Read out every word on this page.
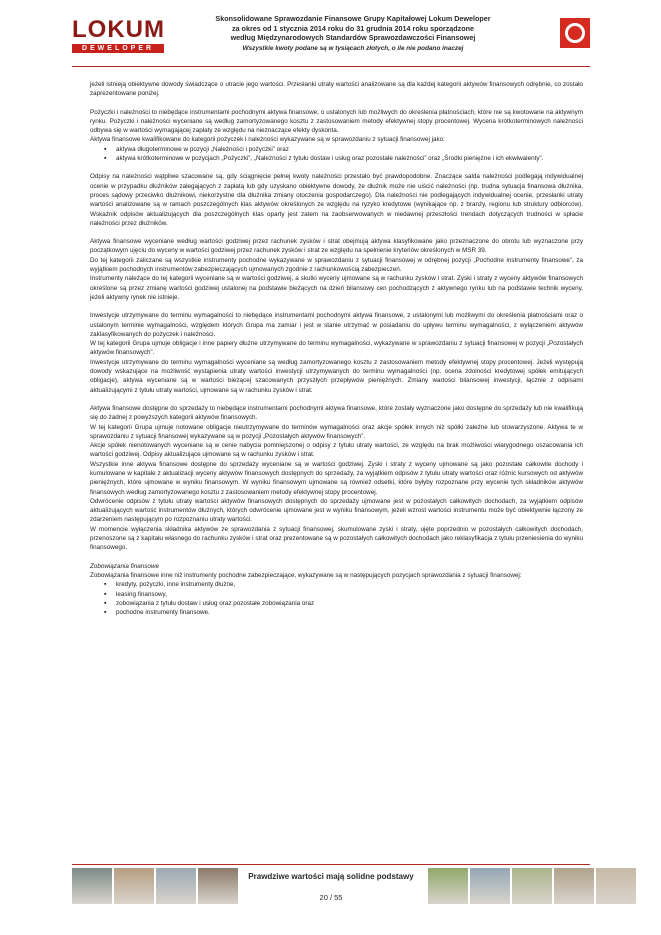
LOKUM
DEWELOPER
Skonsolidowane Sprawozdanie Finansowe Grupy Kapitałowej Lokum Deweloper
za okres od 1 stycznia 2014 roku do 31 grudnia 2014 roku sporządzone
według Międzynarodowych Standardów Sprawozdawczości Finansowej
Wszystkie kwoty podane są w tysiącach złotych, o ile nie podano inaczej

jeżeli istnieją obiektywne dowody świadczące o utracie jego wartości. Przesłanki utraty wartości analizowane są dla każdej kategorii aktywów finansowych odrębnie, co zostało zaprezentowane poniżej.

Pożyczki i należności to niebędące instrumentami pochodnymi aktywa finansowe, o ustalonych lub możliwych do określenia płatnościach, które nie są kwotowane na aktywnym rynku. Pożyczki i należności wyceniane są według zamortyzowanego kosztu z zastosowaniem metody efektywnej stopy procentowej. Wycena krótkoterminowych należności odbywa się w wartości wymagającej zapłaty ze względu na nieznaczące efekty dyskonta.

Aktywa finansowe kwalifikowane do kategorii pożyczek i należności wykazywane są w sprawozdaniu z sytuacji finansowej jako:

▪ aktywa długoterminowe w pozycji „Należności i pożyczki” oraz
▪ aktywa krótkoterminowe w pozycjach „Pożyczki”, „Należności z tytułu dostaw i usług oraz pozostałe należności” oraz „Środki pieniężne i ich ekwiwalenty”.

Odpisy na należności wątpliwe szacowane są, gdy ściągnięcie pełnej kwoty należności przestało być prawdopodobne. Znaczące salda należności podlegają indywidualnej ocenie w przypadku dłużników zalegających z zapłatą lub gdy uzyskano obiektywne dowody, że dłużnik może nie uiścić należności (np. trudna sytuacja finansowa dłużnika, proces sądowy przeciwko dłużnikowi, niekorzystne dla dłużnika zmiany otoczenia gospodarczego). Dla należności nie podlegających indywidualnej ocenie, przesłanki utraty wartości analizowane są w ramach poszczególnych klas aktywów określonych ze względu na ryzyko kredytowe (wynikające np. z branży, regionu lub struktury odbiorców). Wskaźnik odpisów aktualizujących dla poszczególnych klas oparty jest zatem na zaobserwowanych w niedawnej przeszłości trendach dotyczących trudności w spłacie należności przez dłużników.

Aktywa finansowe wyceniane według wartości godziwej przez rachunek zysków i strat obejmują aktywa klasyfikowane jako przeznaczone do obrotu lub wyznaczone przy początkowym ujęciu do wyceny w wartości godziwej przez rachunek zysków i strat ze względu na spełnienie kryteriów określonych w MSR 39.

Do tej kategorii zaliczane są wszystkie instrumenty pochodne wykazywane w sprawozdaniu z sytuacji finansowej w odrębnej pozycji „Pochodne instrumenty finansowe”, za wyjątkiem pochodnych instrumentów zabezpieczających ujmowanych zgodnie z rachunkowością zabezpieczeń.

Instrumenty należące do tej kategorii wyceniane są w wartości godziwej, a skutki wyceny ujmowane są w rachunku zysków i strat. Zyski i straty z wyceny aktywów finansowych określone są przez zmianę wartości godziwej ustalonej na podstawie bieżących na dzień bilansowy cen pochodzących z aktywnego rynku lub na podstawie technik wyceny, jeżeli aktywny rynek nie istnieje.

Inwestycje utrzymywane do terminu wymagalności to niebędące instrumentami pochodnymi aktywa finansowe, z ustalonymi lub możliwymi do określenia płatnościami oraz o ustalonym terminie wymagalności, względem których Grupa ma zamiar i jest w stanie utrzymać w posiadaniu do upływu terminu wymagalności, z wyłączeniem aktywów zaklasyfikowanych do pożyczek i należności.

W tej kategorii Grupa ujmuje obligacje i inne papiery dłużne utrzymywane do terminu wymagalności, wykazywane w sprawozdaniu z sytuacji finansowej w pozycji „Pozostałych aktywów finansowych”.

Inwestycje utrzymywane do terminu wymagalności wyceniane są według zamortyzowanego kosztu z zastosowaniem metody efektywnej stopy procentowej. Jeżeli występują dowody wskazujące na możliwość wystąpienia utraty wartości inwestycji utrzymywanych do terminu wymagalności (np. ocena zdolności kredytowej spółek emitujących obligacje), aktywa wyceniane są w wartości bieżącej szacowanych przyszłych przepływów pieniężnych. Zmiany wartości bilansowej inwestycji, łącznie z odpisami aktualizującymi z tytułu utraty wartości, ujmowane są w rachunku zysków i strat.

Aktywa finansowe dostępne do sprzedaży to niebędące instrumentami pochodnymi aktywa finansowe, które zostały wyznaczone jako dostępne do sprzedaży lub nie kwalifikują się do żadnej z powyższych kategorii aktywów finansowych.

W tej kategorii Grupa ujmuje notowane obligacje nieutrzymywane do terminów wymagalności oraz akcje spółek innych niż spółki zależne lub stowarzyszone. Aktywa te w sprawozdaniu z sytuacji finansowej wykazywane są w pozycji „Pozostałych aktywów finansowych”.

Akcje spółek nienotowanych wyceniane są w cenie nabycia pomniejszonej o odpisy z tytułu utraty wartości, ze względu na brak możliwości wiarygodnego oszacowania ich wartości godziwej. Odpisy aktualizujące ujmowane są w rachunku zysków i strat.

Wszystkie inne aktywa finansowe dostępne do sprzedaży wyceniane są w wartości godziwej. Zyski i straty z wyceny ujmowane są jako pozostałe całkowite dochody i kumulowane w kapitale z aktualizacji wyceny aktywów finansowych dostępnych do sprzedaży, za wyjątkiem odpisów z tytułu utraty wartości oraz różnic kursowych od aktywów pieniężnych, które ujmowane w wyniku finansowym. W wyniku finansowym ujmowane są również odsetki, które byłyby rozpoznane przy wycenie tych składników aktywów finansowych według zamortyzowanego kosztu z zastosowaniem metody efektywnej stopy procentowej.

Odwrócenie odpisów z tytułu utraty wartości aktywów finansowych dostępnych do sprzedaży ujmowane jest w pozostałych całkowitych dochodach, za wyjątkiem odpisów aktualizujących wartość instrumentów dłużnych, których odwrócenie ujmowane jest w wyniku finansowym, jeżeli wzrost wartości instrumentu może być obiektywnie łączony ze zdarzeniem następującym po rozpoznaniu utraty wartości.

W momencie wyłączenia składnika aktywów ze sprawozdania z sytuacji finansowej, skumulowane zyski i straty, ujęte poprzednio w pozostałych całkowitych dochodach, przenoszone są z kapitału własnego do rachunku zysków i strat oraz prezentowane są w pozostałych całkowitych dochodach jako reklasyfikacja z tytułu przeniesienia do wyniku finansowego.

Zobowiązania finansowe

Zobowiązania finansowe inne niż instrumenty pochodne zabezpieczające, wykazywane są w następujących pozycjach sprawozdania z sytuacji finansowej:

▪ kredyty, pożyczki, inne instrumenty dłużne,
▪ leasing finansowy,
▪ zobowiązania z tytułu dostaw i usług oraz pozostałe zobowiązania oraz
▪ pochodne instrumenty finansowe.
Prawdziwe wartości mają solidne podstawy
20 / 55
